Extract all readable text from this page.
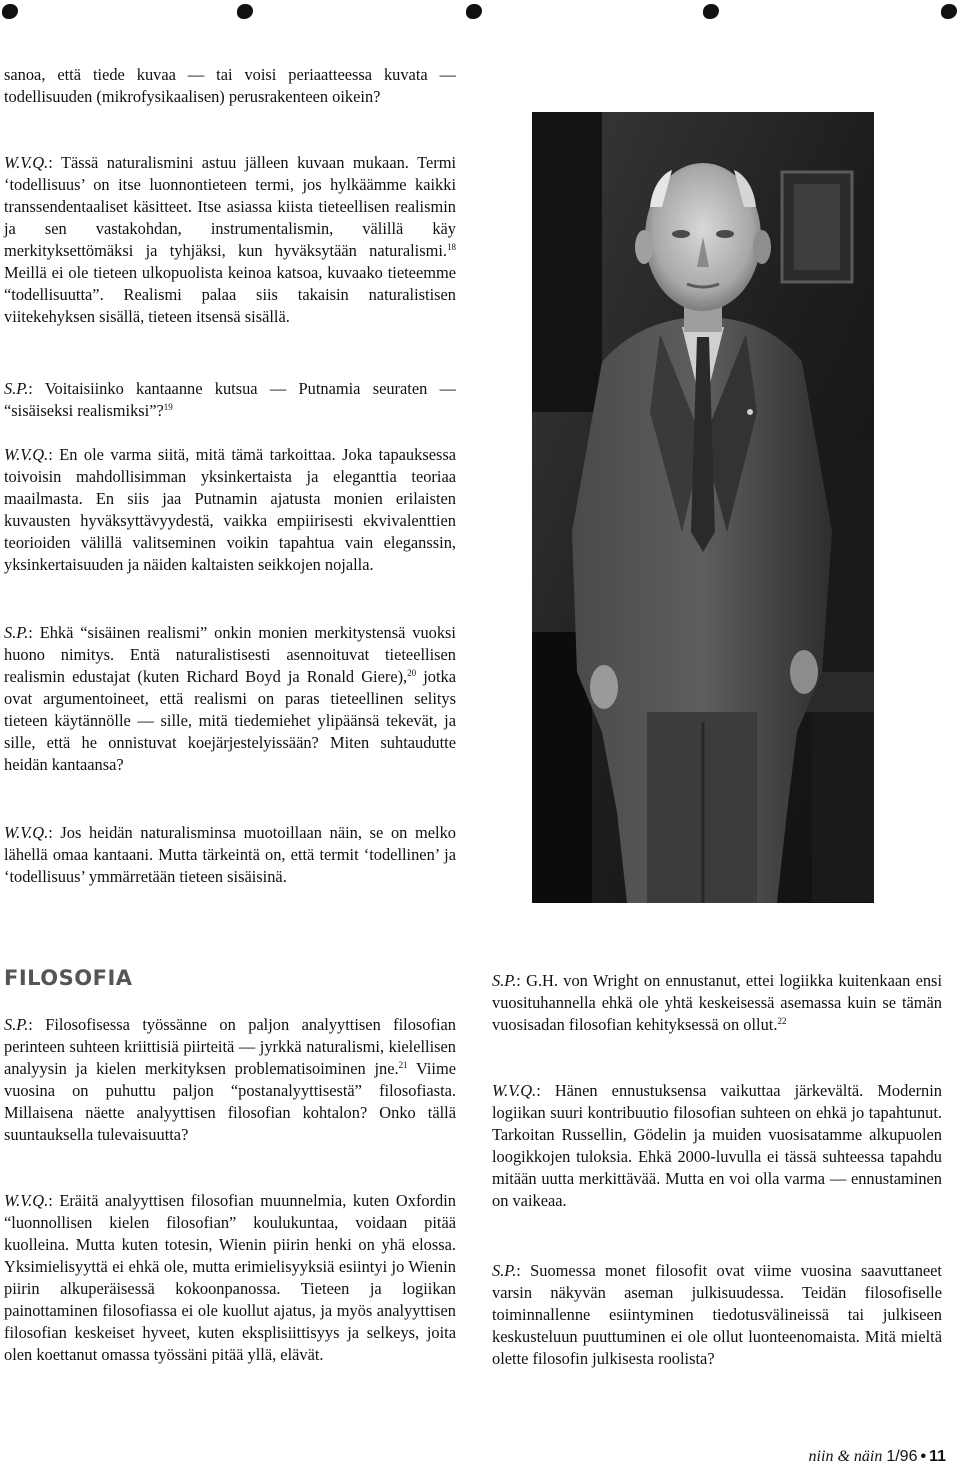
sanoa, että tiede kuvaa — tai voisi periaatteessa kuvata — todellisuuden (mikrofysikaalisen) perusrakenteen oikein?

W.V.Q.: Tässä naturalismini astuu jälleen kuvaan mukaan. Termi ‘todellisuus’ on itse luonnontieteen termi, jos hylkäämme kaikki transsendentaaliset käsitteet. Itse asiassa kiista tieteellisen realismin ja sen vastakohdan, instrumentalismin, välillä käy merkityksettömäksi ja tyhjäksi, kun hyväksytään naturalismi.$^{18}$ Meillä ei ole tieteen ulkopuolista keinoa katsoa, kuvaako tieteemme “todellisuutta”. Realismi palaa siis takaisin naturalistisen viitekehyksen sisällä, tieteen itsensä sisällä.

S.P.: Voitaisiinko kantaanne kutsua — Putnamia seuraten — “sisäiseksi realismiksi”?$^{19}$

W.V.Q.: En ole varma siitä, mitä tämä tarkoittaa. Joka tapauksessa toivoisin mahdollisimman yksinkertaista ja eleganttia teoriaa maailmasta. En siis jaa Putnamin ajatusta monien erilaisten kuvausten hyväksyttävyydestä, vaikka empiirisesti ekvivalenttien teorioiden välillä valitseminen voikin tapahtua vain eleganssin, yksinkertaisuuden ja näiden kaltaisten seikkojen nojalla.

S.P.: Ehkä “sisäinen realismi” onkin monien merkitystensä vuoksi huono nimitys. Entä naturalistisesti asennoituvat tieteellisen realismin edustajat (kuten Richard Boyd ja Ronald Giere),$^{20}$ jotka ovat argumentoineet, että realismi on paras tieteellinen selitys tieteen käytännölle — sille, mitä tiedemiehet ylipäänsä tekevät, ja sille, että he onnistuvat koejärjestelyissään? Miten suhtaudutte heidän kantaansa?

W.V.Q.: Jos heidän naturalisminsa muotoillaan näin, se on melko lähellä omaa kantaani. Mutta tärkeintä on, että termit ‘todellinen’ ja ‘todellisuus’ ymmärretään tieteen sisäisinä.

FILOSOFIA

S.P.: Filosofisessa työssänne on paljon analyyttisen filosofian perinteen suhteen kriittisiä piirteitä — jyrkkä naturalismi, kielellisen analyysin ja kielen merkityksen problematisoiminen jne.$^{21}$ Viime vuosina on puhuttu paljon “postanalyyttisestä” filosofiasta. Millaisena näette analyyttisen filosofian kohtalon? Onko tällä suuntauksella tulevaisuutta?

W.V.Q.: Eräitä analyyttisen filosofian muunnelmia, kuten Oxfordin “luonnollisen kielen filosofian” koulukuntaa, voidaan pitää kuolleina. Mutta kuten totesin, Wienin piirin henki on yhä elossa. Yksimielisyyttä ei ehkä ole, mutta erimielisyyksiä esiintyi jo Wienin piirin alkuperäisessä kokoonpanossa. Tieteen ja logiikan painottaminen filosofiassa ei ole kuollut ajatus, ja myös analyyttisen filosofian keskeiset hyveet, kuten eksplisiittisyys ja selkeys, joita olen koettanut omassa työssäni pitää yllä, elävät.

S.P.: G.H. von Wright on ennustanut, ettei logiikka kuitenkaan ensi vuosituhannella ehkä ole yhtä keskeisessä asemassa kuin se tämän vuosisadan filosofian kehityksessä on ollut.$^{22}$

W.V.Q.: Hänen ennustuksensa vaikuttaa järkevältä. Modernin logiikan suuri kontribuutio filosofian suhteen on ehkä jo tapahtunut. Tarkoitan Russellin, Gödelin ja muiden vuosisatamme alkupuolen loogikkojen tuloksia. Ehkä 2000-luvulla ei tässä suhteessa tapahdu mitään uutta merkittävää. Mutta en voi olla varma — ennustaminen on vaikeaa.

S.P.: Suomessa monet filosofit ovat viime vuosina saavuttaneet varsin näkyvän aseman julkisuudessa. Teidän filosofiselle toiminnallenne esiintyminen tiedotusvälineissä tai julkiseen keskusteluun puuttuminen ei ole ollut luonteenomaista. Mitä mieltä olette filosofin julkisesta roolista?

niin & näin 1/96 • 11
